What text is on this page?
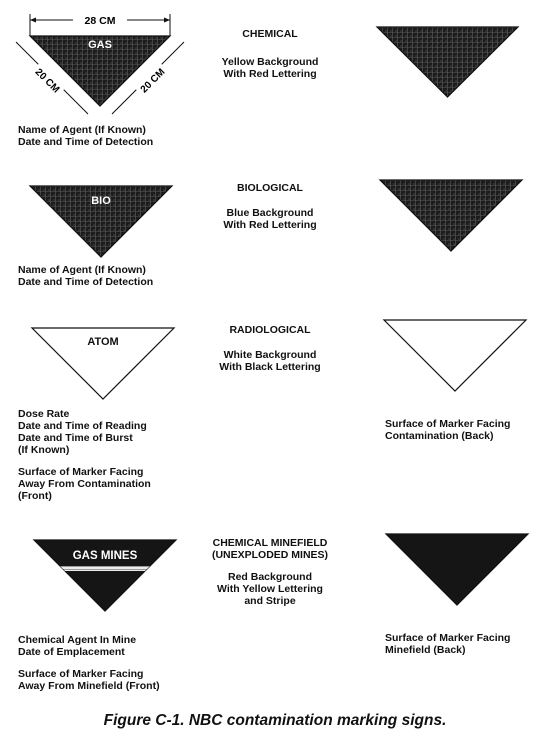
28 CM
GAS
20 CM	20 CM
CHEMICAL
Yellow Background
With Red Lettering
Name of Agent (If Known)
Date and Time of Detection
BIO
BIOLOGICAL
Blue Background
With Red Lettering
Name of Agent (If Known)
Date and Time of Detection
ATOM
RADIOLOGICAL
White Background
With Black Lettering
Dose Rate
Date and Time of Reading
Date and Time of Burst
(If Known)
Surface of Marker Facing
Away From Contamination
(Front)
Surface of Marker Facing
Contamination (Back)
GAS MINES
CHEMICAL MINEFIELD
(UNEXPLODED MINES)
Red Background
With Yellow Lettering
and Stripe
Chemical Agent In Mine
Date of Emplacement
Surface of Marker Facing
Away From Minefield (Front)
Surface of Marker Facing
Minefield (Back)
Figure C-1. NBC contamination marking signs.
